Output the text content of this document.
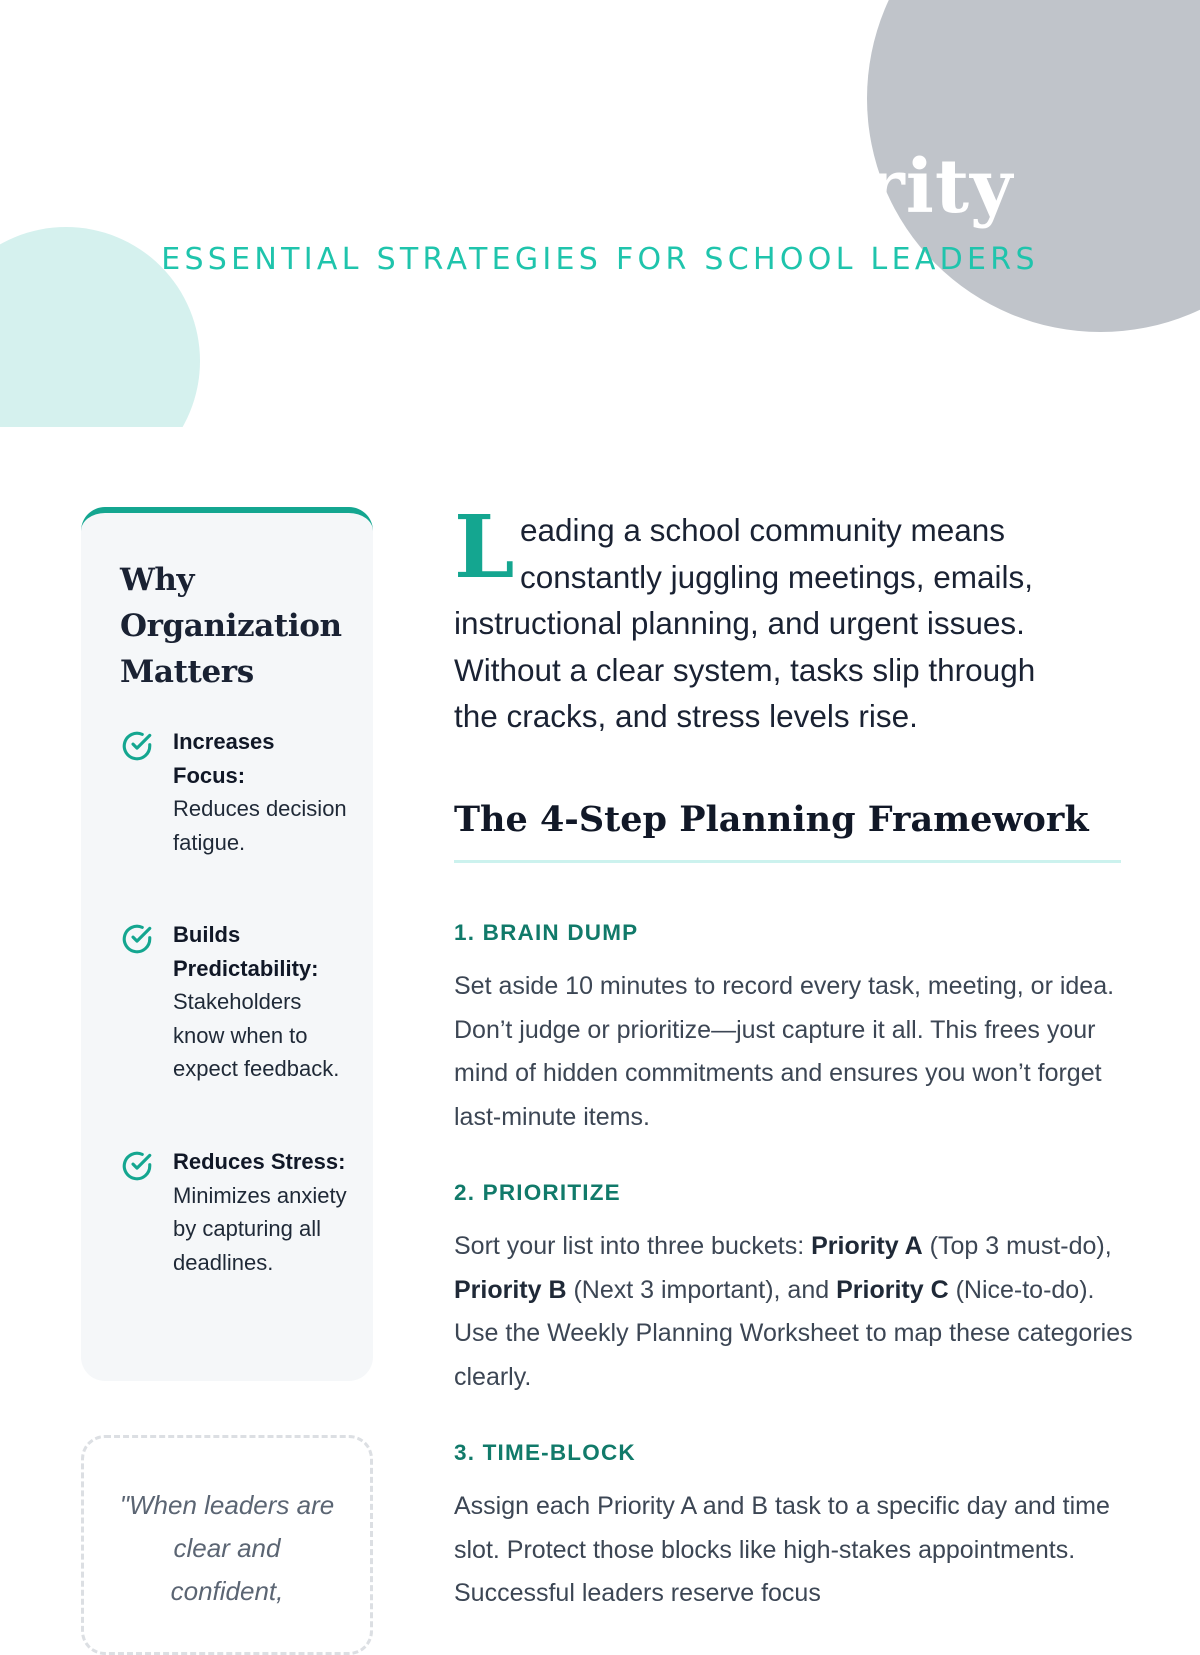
rity

ESSENTIAL STRATEGIES FOR SCHOOL LEADERS

Why Organization Matters
Increases Focus:
Reduces decision fatigue.
Builds Predictability:
Stakeholders know when to expect feedback.
Reduces Stress:
Minimizes anxiety by capturing all deadlines.

"When leaders are clear and confident,

L eading a school community means

constantly juggling meetings, emails,

instructional planning, and urgent issues.

Without a clear system, tasks slip through

the cracks, and stress levels rise.

The 4-Step Planning Framework
1. BRAIN DUMP

Set aside 10 minutes to record every task, meeting, or idea. Don’t judge or prioritize—just capture it all. This frees your mind of hidden commitments and ensures you won’t forget last-minute items.

2. PRIORITIZE

Sort your list into three buckets: Priority A (Top 3 must-do), Priority B (Next 3 important), and Priority C (Nice-to-do). Use the Weekly Planning Worksheet to map these categories clearly.

3. TIME-BLOCK

Assign each Priority A and B task to a specific day and time slot. Protect those blocks like high-stakes appointments. Successful leaders reserve focus
